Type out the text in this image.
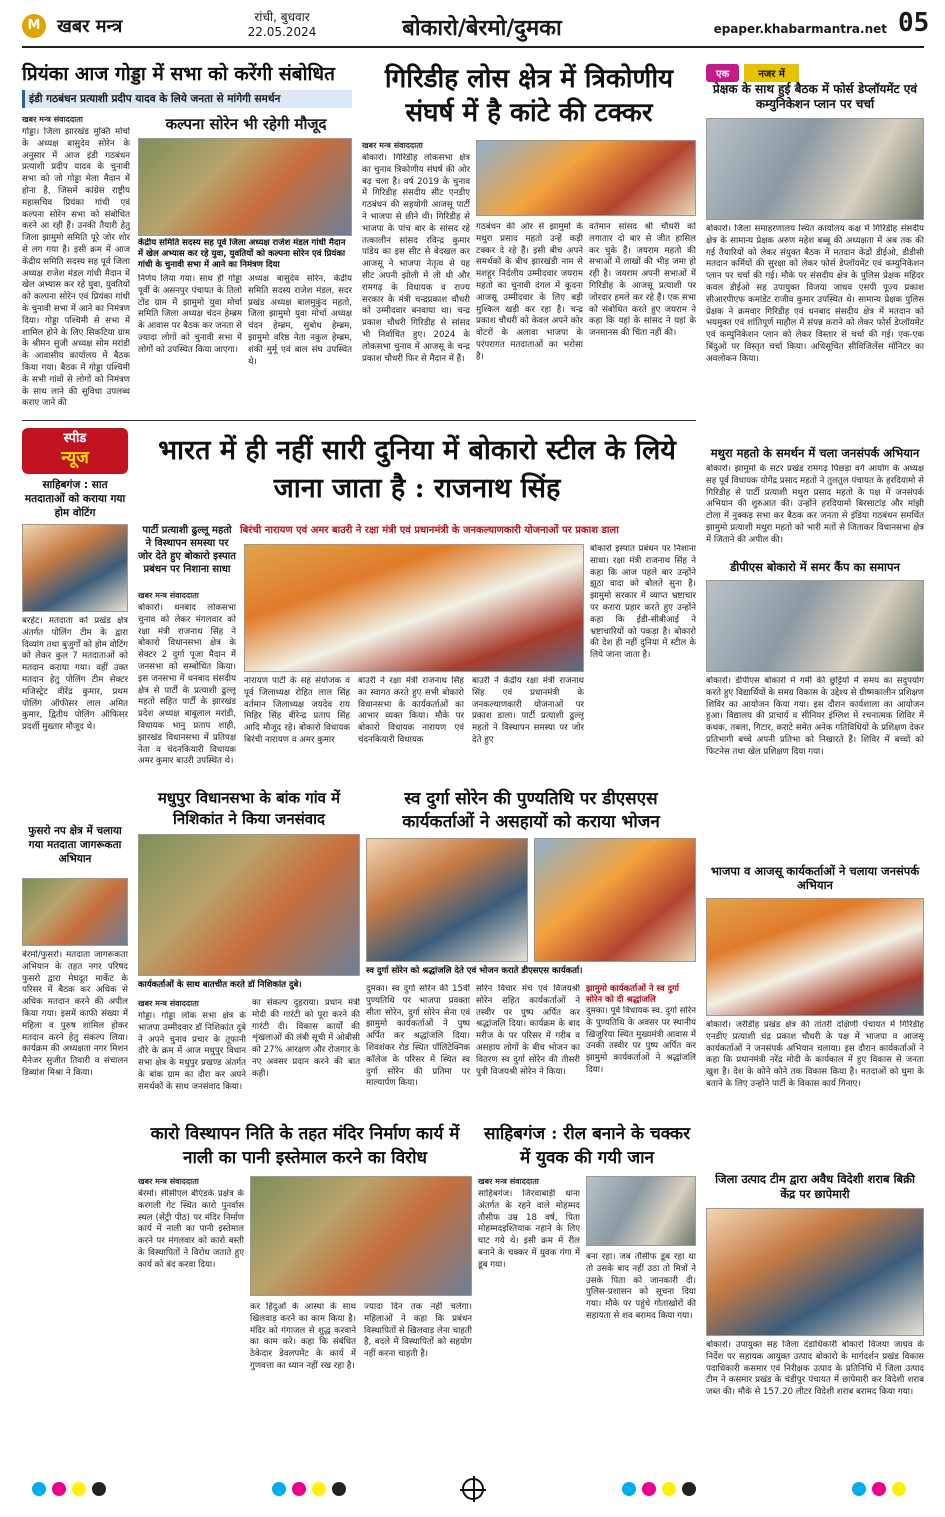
M खबर मन्त्र	रांची, बुधवार
22.05.2024	बोकारो/बेरमो/दुमका	epaper.khabarmantra.net 05
प्रियंका आज गोड्डा में सभा को करेंगी संबोधित
इंडी गठबंधन प्रत्याशी प्रदीप यादव के लिये जनता से मांगेगी समर्थन
कल्पना सोरेन भी रहेगी मौजूद
खबर मन्त्र संवाददाता
गोड्डा। जिला झारखंड मुक्ति मोर्चा के अध्यक्ष बासुदेव सोरेन के अनुसार में आज इंडी गठबंधन प्रत्याशी प्रदीप यादव के चुनावी सभा को जो गोड्डा मेला मैदान में होना है, जिसमें कांग्रेस राष्ट्रीय महासचिव प्रियंका गांधी एवं कल्पना सोरेन सभा को संबोधित करने आ रही हैं। उनकी तैयारी हेतु जिला झामुमो समिति पूरे जोर शोर से लग गया है। इसी क्रम में आज केंद्रीय समिति सदस्य सह पूर्व जिला अध्यक्ष राजेश मंडल गांधी मैदान में खेल अभ्यास कर रहे युवा, युवतियों को कल्पना सोरेन एवं प्रियंका गांधी के चुनावी सभा में आने का निमंत्रण दिया। गोड्डा पश्चिमी से सभा में शामिल होने के लिए सिकटिया ग्राम के श्रीमन सुजी अध्यक्ष सोम मरांडी के आवासीय कार्यालय में बैठक किया गया। बैठक में गोड्डा पश्चिमी के सभी गांवों से लोगों को निमंत्रण के साथ लाने की सुविधा उपलब्ध कराए जाने की
केंद्रीय समिति सदस्य सह पूर्व जिला अध्यक्ष राजेश मंडल गांधी मैदान में खेल अभ्यास कर रहे युवा, युवतियों को कल्पना सोरेन एवं प्रियंका गांधी के चुनावी सभा में आने का निमंत्रण दिया
निर्णय लिया गया। साथ ही गोड्डा पूर्वी के असनपुर पंचायत के तिलो टोंड ग्राम में झामुमो युवा मोर्चा समिति जिला अध्यक्ष चंदन हेम्ब्रम के आवास पर बैठक कर जनता से ज्यादा लोगों को चुनावी सभा में लोगों को उपस्थित किया जाएगा।
अध्यक्ष बासुदेव सोरेन, केंद्रीय समिति सदस्य राजेश मंडल, सदर प्रखंड अध्यक्ष बालमुकुंद महतो, जिला झामुमो युवा मोर्चा अध्यक्ष चंदन हेम्ब्रम, सुबोध हेम्ब्रम, झामुमो वरिष्ठ नेता नकुल हेम्ब्रम, शंकी मुर्मू एवं बाल संघ उपस्थित थे।
गिरिडीह लोस क्षेत्र में त्रिकोणीय संघर्ष में है कांटे की टक्कर
खबर मन्त्र संवाददाता
बोकारो। गिरिडीह लोकसभा क्षेत्र का चुनाव त्रिकोणीय संघर्ष की ओर बढ़ चला है। वर्ष 2019 के चुनाव में गिरिडीह संसदीय सीट एनडीए गठबंधन की सहयोगी आजसू पार्टी ने भाजपा से छीने थी। गिरिडीह से भाजपा के पांच बार के सांसद रहे तत्कालीन सांसद रविन्द्र कुमार पांडेय का इस सीट से बेदखल कर आजसू ने भाजपा नेतृत्व से यह सीट अपनी झोली में ली थी और रामगढ़ के विधायक व राज्य सरकार के मंत्री चन्द्रप्रकाश चौधरी को उम्मीदवार बनवाया था। चन्द्र प्रकाश चौधरी गिरिडीह से सांसद भी निर्वाचित हुए। 2024 के लोकसभा चुनाव में आजसू के चन्द्र प्रकाश चौधरी फिर से मैदान में हैं।
गठबंधन की ओर से झामुमो के मथुरा प्रसाद महतो उन्हें कड़ी टक्कर दे रहे हैं। इसी बीच अपने समर्थकों के बीच झारखंडी नाम से मशहूर निर्दलीय उम्मीदवार जयराम महतो का चुनावी दंगल में कूदना आजसू उम्मीदवार के लिए बड़ी मुश्किल खड़ी कर रहा है। चन्द्र प्रकाश चौधरी को केवल अपने कोर वोटरों के अलावा भाजपा के परंपरागत मतदाताओं का भरोसा है।
वर्तमान सांसद श्री चौधरी को लगातार दो बार से जीत हासिल कर चुके हैं। जयराम महतो की सभाओं में लाखों की भीड़ जमा हो रही है। जयराम अपनी सभाओं में गिरिडीह के आजसू प्रत्याशी पर जोरदार हमले कर रहे हैं। एक सभा को संबोधित करते हुए जयराम ने कहा कि यहां के सांसद ने यहां के जनमानस की चिंता नहीं की।
एक	नजर में
प्रेक्षक के साथ हुई बैठक में फोर्स डेप्लॉयमेंट एवं कम्युनिकेशन प्लान पर चर्चा
बोकारो। जिला समाहरणालय स्थित कार्यालय कक्ष में गिरिडीह संसदीय क्षेत्र के सामान्य प्रेक्षक अरुण महेश बब्बू की अध्यक्षता में अब तक की गई तैयारियों को लेकर संयुक्त बैठक में मतदान केंद्रों डीईओ, डीडीसी मतदान कर्मियों की सुरक्षा को लेकर फोर्स डेप्लॉयमेंट एवं कम्युनिकेशन प्लान पर चर्चा की गई। मौके पर संसदीय क्षेत्र के पुलिस प्रेक्षक महिंदर कवल डीईओ सह उपायुक्त विजया जाधव एसपी पूज्य प्रकाश सीआरपीएफ कमांडेंट राजीव कुमार उपस्थित थे। सामान्य प्रेक्षक पुलिस प्रेक्षक ने क्रमवार गिरिडीह एवं धनबाद संसदीय क्षेत्र में मतदान को भयमुक्त एवं शांतिपूर्ण माहौल में संपन्न कराने को लेकर फोर्स डेप्लॉयमेंट एवं कम्युनिकेशन प्लान को लेकर विस्तार से चर्चा की गई। एक-एक बिंदुओं पर विस्तृत चर्चा किया। अधिसूचित सीविजिलेंस मॉनिटर का अवलोकन किया।
स्पीड
न्यूज
साहिबगंज : सात मतदाताओं को कराया गया होम वोटिंग
बरहेट। मतदाता को प्रखंड क्षेत्र अंतर्गत पोलिंग टीम के द्वारा दिव्यांग तथा बुजुर्गों को होम वोटिंग को लेकर कुल 7 मतदाताओं को मतदान कराया गया। वहीं उक्त मतदान हेतु पोलिंग टीम सेक्टर मजिस्ट्रेट वीरेंद्र कुमार, प्रथम पोलिंग ऑफीसर लाल अमित कुमार, द्वितीय पोलिंग ऑफिसर प्रदर्शी मुख्तार मौजूद थे।
फुसरो नप क्षेत्र में चलाया गया मतदाता जागरूकता अभियान
बेरमो/फुसरो। मतदाता जागरूकता अभियान के तहत नगर परिषद फुसरो द्वारा मेघदूत मार्केट के परिसर में बैठक कर अधिक से अधिक मतदान करने की अपील किया गया। इसमें काफी संख्या में महिला व पुरुष शामिल होकर मतदान करने हेतु संकल्प लिया। कार्यक्रम की अध्यक्षता नगर मिशन मैनेजर सुजीत तिवारी व संचालन डिब्यांश मिश्रा ने किया।
भारत में ही नहीं सारी दुनिया में बोकारो स्टील के लिये जाना जाता है : राजनाथ सिंह
पार्टी प्रत्याशी ढुल्लू महतो ने विस्थापन समस्या पर जोर देते हुए बोकारो इस्पात प्रबंधन पर निशाना साधा
बिरंची नारायण एवं अमर बाउरी ने रक्षा मंत्री एवं प्रधानमंत्री के जनकल्याणकारी योजनाओं पर प्रकाश डाला
खबर मन्त्र संवाददाता
बोकारो। धनबाद लोकसभा चुनाव को लेकर मंगलवार को रक्षा मंत्री राजनाथ सिंह ने बोकारो विधानसभा क्षेत्र के सेक्टर 2 दुर्गा पूजा मैदान में जनसभा को सम्बोधित किया। इस जनसभा में धनबाद संसदीय क्षेत्र से पार्टी के प्रत्याशी ढुल्लू महतो सहित पार्टी के झारखंड प्रदेश अध्यक्ष बाबूलाल मरांडी, विधायक भानु प्रताप शाही, झारखंड विधानसभा में प्रतिपक्ष नेता व चंदनकियारी विधायक अमर कुमार बाउरी उपस्थित थे।
नारायण पार्टी के सह संयोजक व पूर्व जिलाध्यक्ष रोहित लाल सिंह वर्तमान जिलाध्यक्ष जयदेव राय मिहिर सिंह बीरेन्द्र प्रताप सिंह आदि मौजूद रहे। बोकारो विधायक बिरंची नारायण व अमर कुमार
बाउरी ने रक्षा मंत्री राजनाथ सिंह का स्वागत करते हुए सभी बोकारो विधानसभा के कार्यकर्ताओं का आभार व्यक्त किया। मौके पर बोकारो विधायक नारायण एवं चंदनकियारी विधायक
बाउरी ने केंद्रीय रक्षा मंत्री राजनाथ सिंह एवं प्रधानमंत्री के जनकल्याणकारी योजनाओं पर प्रकाश डाला। पार्टी प्रत्याशी ढुल्लू महतो ने विस्थापन समस्या पर जोर देते हुए
बोकारो इस्पात प्रबंधन पर निशाना साधा। रक्षा मंत्री राजनाथ सिंह ने कहा कि आज पहले बार उन्होंने झूठा वादा को बोलते सुना है। झामुमो सरकार में व्याप्त भ्रष्टाचार पर करारा प्रहार करते हुए उन्होंने कहा कि ईडी-सीबीआई ने भ्रष्टाचारियों को पकड़ा है। बोकारो की देश ही नहीं दुनिया में स्टील के लिये जाना जाता है।
मथुरा महतो के समर्थन में चला जनसंपर्क अभियान
बोकारो। झामुमो के सटर प्रखंड रामगढ़ पिछड़ा वर्ग आयोग के अध्यक्ष सह पूर्व विधायक योगेंद्र प्रसाद महतो ने तुलतुल पंचायत के हरदियामो से गिरिडीह से पार्टी प्रत्याशी मथुरा प्रसाद महतो के पक्ष में जनसंपर्क अभियान की शुरुआत की। उन्होंने हरदियामो बिरसाटांड़ और मांझी टोला में नुक्कड़ सभा कर बैठक कर जनता से इंडिया गठबंधन समर्थित झामुमो प्रत्याशी मथुरा महतो को भारी मतों से जिताकर विधानसभा क्षेत्र में जिताने की अपील की।
डीपीएस बोकारो में समर कैंप का समापन
बोकारो। डीपीएस बोकारो में गर्मी की छुट्टियों में समय का सदुपयोग करते हुए विद्यार्थियों के समग्र विकास के उद्देश्य से ग्रीष्मकालीन प्रशिक्षण शिविर का आयोजन किया गया। इस दौरान कार्यशाला का आयोजन हुआ। विद्यालय की प्राचार्य व सीनियर इंग्लिश में रचनात्मक शिविर में कथक, तबला, गिटार, कराटे समेत अनेक गतिविधियों के प्रशिक्षण देकर प्रतिभागी बच्चे अपनी प्रतिभा को निखारते हैं। शिविर में बच्चों को फिटनेस तथा खेल प्रशिक्षण दिया गया।
मधुपुर विधानसभा के बांक गांव में निशिकांत ने किया जनसंवाद
कार्यकर्ताओं के साथ बातचीत करते डॉ निशिकांत दुबे।
खबर मन्त्र संवाददाता
गोड्डा। गोड्डा लोक सभा क्षेत्र के भाजपा उम्मीदवार डॉ निशिकांत दुबे ने अपने चुनाव प्रचार के तूफानी दौरे के क्रम में आज मधुपुर विधान सभा क्षेत्र के मधुपुर प्रखण्ड अंतर्गत के बांक ग्राम का दौरा कर अपने समर्थकों के साथ जनसंवाद किया।
का संकल्प दुहराया। प्रधान मंत्री मोदी की गारंटी को पूरा करने की गारंटी दी। विकास कार्यों की शृंखलाओं की लंबी सूची में ओबीसी को 27% आरक्षण और रोजगार के नए अवसर प्रदान करने की बात कही।
स्व दुर्गा सोरेन की पुण्यतिथि पर डीएसएस कार्यकर्ताओं ने असहायों को कराया भोजन
स्व दुर्गा सोरेन को श्रद्धांजलि देते एवं भोजन कराते डीएसएस कार्यकर्ता।
दुमका। स्व दुर्गा सोरेन की 15वीं पुण्यतिथि पर भाजपा प्रवक्ता सीता सोरेन, दुर्गा सोरेन सेना एवं झामुमो कार्यकर्ताओं ने पुष्प अर्पित कर श्रद्धांजलि दिया। शिवशंकर रोड स्थित पॉलिटेक्निक कॉलेज के परिसर में स्थित स्व दुर्गा सोरेन की प्रतिमा पर माल्यार्पण किया।
सोरेन विचार मंच एवं विजयश्री सोरेन सहित कार्यकर्ताओं ने तस्वीर पर पुष्प अर्पित कर श्रद्धांजलि दिया। कार्यक्रम के बाद मरीज के पर परिसर में गरीब व असहाय लोगों के बीच भोजन का वितरण स्व दुर्गा सोरेन की तीसरी पुत्री विजयश्री सोरेन ने किया।
झामुमो कार्यकर्ताओं ने स्व दुर्गा सोरेन को दी श्रद्धांजलि
दुमका। पूर्व विधायक स्व. दुर्गा सोरेन के पुण्यतिथि के अवसर पर स्थानीय खिजुरिया स्थित मुख्यमंत्री आवास में उनकी तस्वीर पर पुष्प अर्पित कर झामुमो कार्यकर्ताओं ने श्रद्धांजलि दिया।
भाजपा व आजसू कार्यकर्ताओं ने चलाया जनसंपर्क अभियान
बोकारो। जरीडीह प्रखंड क्षेत्र की तांतरी दक्षिणी पंचायत में गिरिडीह एनडीए प्रत्याशी चंद्र प्रकाश चौधरी के पक्ष में भाजपा व आजसू कार्यकर्ताओं ने जनसंपर्क अभियान चलाया। इस दौरान कार्यकर्ताओं ने कहा कि प्रधानमंत्री नरेंद्र मोदी के कार्यकाल में हुए विकास से जनता खुश है। देश के कोने कोने तक विकास किया है। मतदाओं को घुमा के बताने के लिए उन्होंने पार्टी के विकास कार्य गिनाए।
कारो विस्थापन निति के तहत मंदिर निर्माण कार्य में नाली का पानी इस्तेमाल करने का विरोध
खबर मन्त्र संवाददाता
बेरमो। सीसीएल बीएंडके प्रक्षेत्र के करगली गेट स्थित कारो पुनर्वास स्थल (सेंट्री पीठ) पर मंदिर निर्माण कार्य में नाली का पानी इस्तेमाल करने पर मंगलवार को कारो बस्ती के विस्थापितों ने विरोध जताते हुए कार्य को बंद करवा दिया।
कर हिंदुओं के आस्था के साथ खिलवाड़ करने का काम किया है। मंदिर को गंगाजल से शुद्ध करवाने का काम करे। कहा कि संबंधित ठेकेदार डेवलपमेंट के कार्य में गुणवत्ता का ध्यान नहीं रख रहा है।
ज्यादा दिन तक नहीं चलेगा। महिलाओं ने कहा कि प्रबंधन विस्थापितों से खिलवाड़ लेना चाहती है, बदले में विस्थापितों को सहयोग नहीं करना चाहती है।
साहिबगंज : रील बनाने के चक्कर में युवक की गयी जान
खबर मन्त्र संवाददाता
साहिबगंज। जिरवाबाड़ी थाना अंतर्गत के रहने वाले मोहम्मद तौसीफ उम्र 18 वर्ष, पिता मोहम्मदइश्तियाक नहाने के लिए घाट गये थे। इसी क्रम में रील बनाने के चक्कर में युवक गंगा में डूब गया।
बना रहा। जब तौसीफ डूब रहा था तो उसके बाद नहीं उठा तो मित्रों ने उसके पिता को जानकारी दी। पुलिस-प्रशासन को सूचना दिया गया। मौके पर पहुंचे गोताखोरों की सहायता से शव बरामद किया गया।
जिला उत्पाद टीम द्वारा अवैध विदेशी शराब बिक्री केंद्र पर छापेमारी
बोकारो। उपायुक्त सह जिला दंडाधिकारी बोकारो विजया जाधव के निर्देश पर सहायक आयुक्त उत्पाद बोकारो के मार्गदर्शन प्रखंड विकास पदाधिकारी कसमार एवं निरीक्षक उत्पाद के प्रतिनिधि में जिला उत्पाद टीम ने कसमार प्रखंड के चंडीपुर पंचायत में छापेमारी कर विदेशी शराब जब्त की। मौके से 157.20 लीटर विदेशी शराब बरामद किया गया।
